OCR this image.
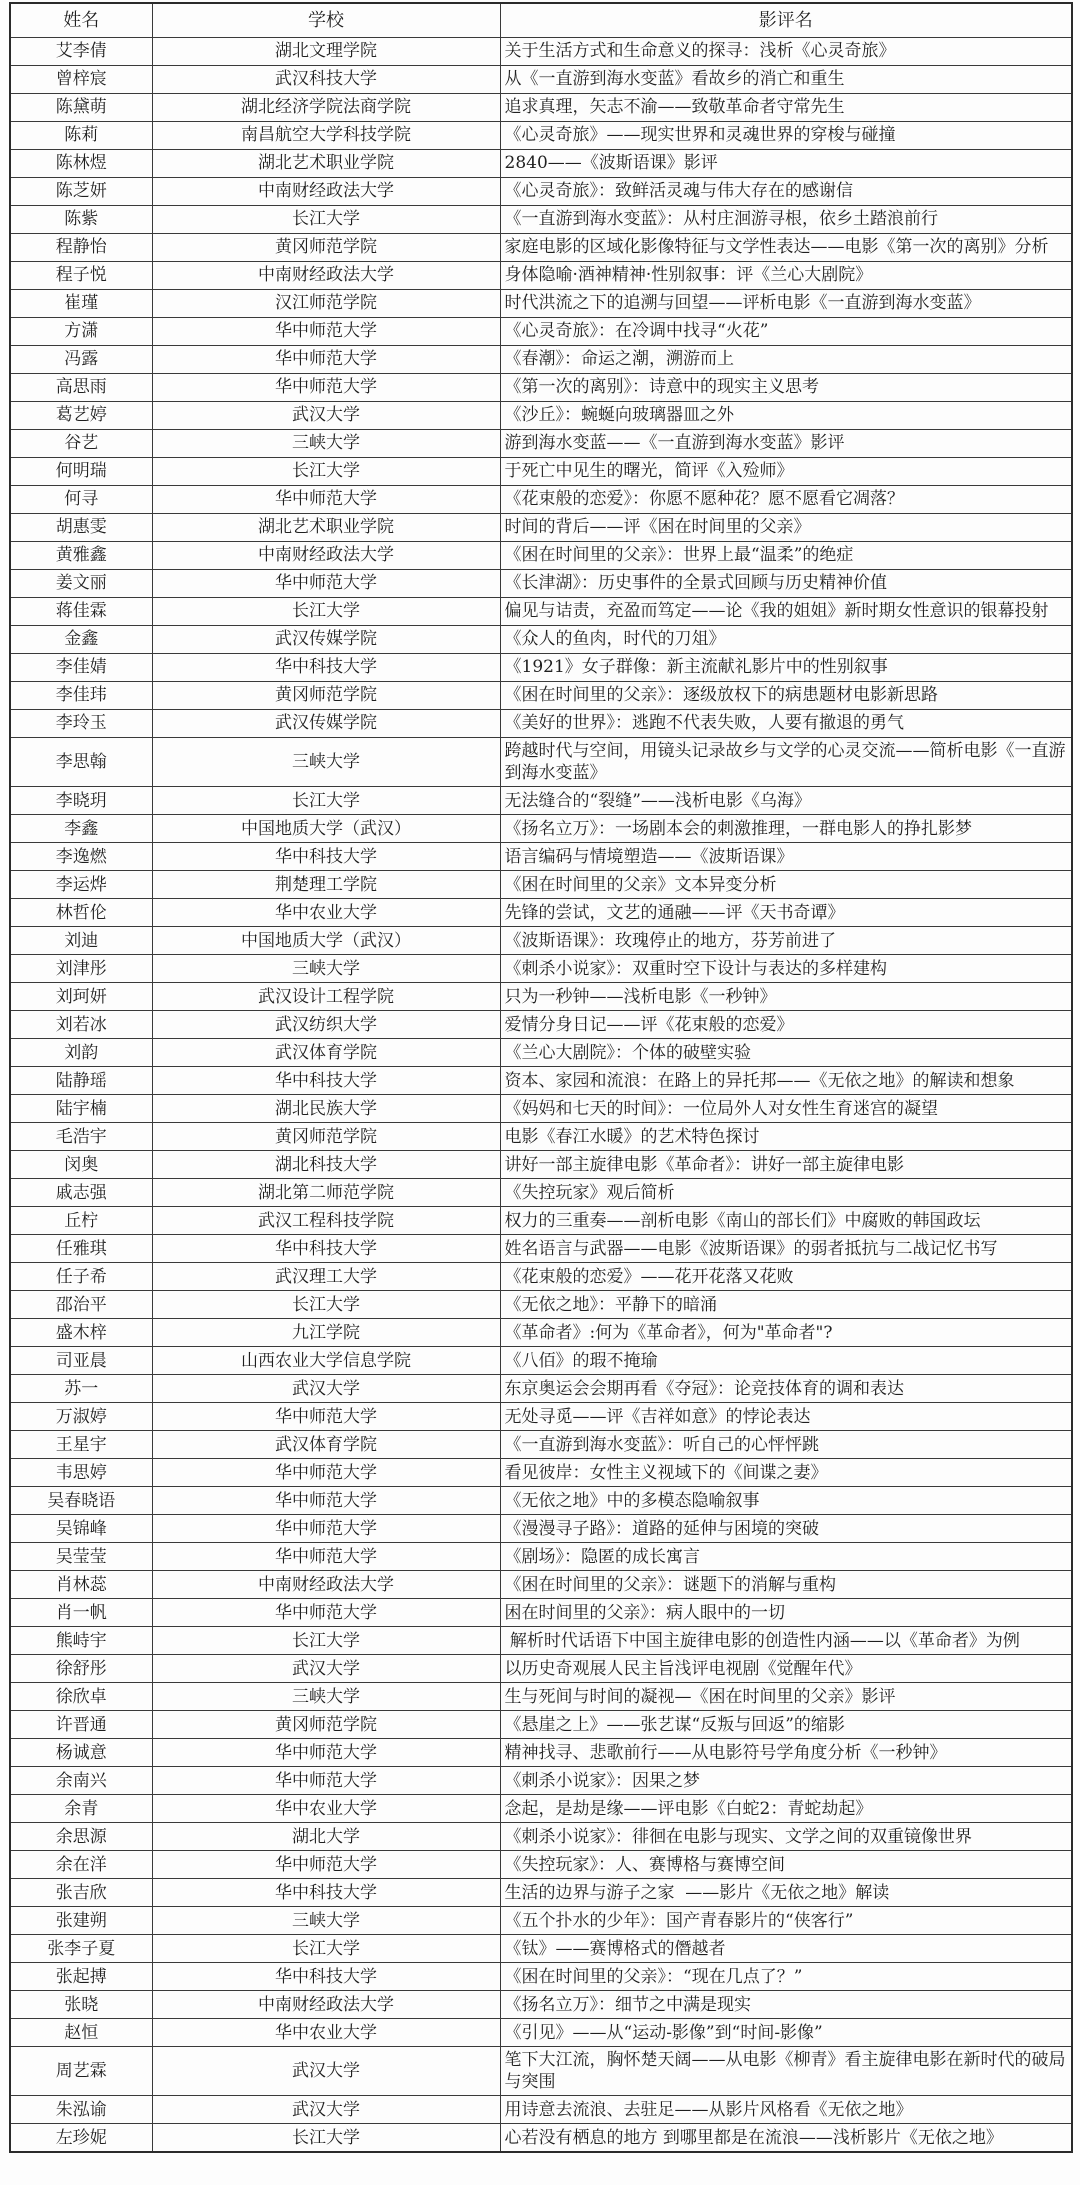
姓名	学校	影评名
艾李倩	湖北文理学院	关于生活方式和生命意义的探寻：浅析《心灵奇旅》
曾梓宸	武汉科技大学	从《一直游到海水变蓝》看故乡的消亡和重生
陈黛萌	湖北经济学院法商学院	追求真理，矢志不渝——致敬革命者守常先生
陈莉	南昌航空大学科技学院	《心灵奇旅》——现实世界和灵魂世界的穿梭与碰撞
陈林煜	湖北艺术职业学院	2840——《波斯语课》影评
陈芝妍	中南财经政法大学	《心灵奇旅》：致鲜活灵魂与伟大存在的感谢信
陈紫	长江大学	《一直游到海水变蓝》：从村庄洄游寻根，依乡土踏浪前行
程静怡	黄冈师范学院	家庭电影的区域化影像特征与文学性表达——电影《第一次的离别》分析
程子悦	中南财经政法大学	身体隐喻·酒神精神·性别叙事：评《兰心大剧院》
崔瑾	汉江师范学院	时代洪流之下的追溯与回望——评析电影《一直游到海水变蓝》
方潇	华中师范大学	《心灵奇旅》：在冷调中找寻“火花”
冯露	华中师范大学	《春潮》：命运之潮，溯游而上
高思雨	华中师范大学	《第一次的离别》：诗意中的现实主义思考
葛艺婷	武汉大学	《沙丘》：蜿蜒向玻璃器皿之外
谷艺	三峡大学	游到海水变蓝——《一直游到海水变蓝》影评
何明瑞	长江大学	于死亡中见生的曙光，简评《入殓师》
何寻	华中师范大学	《花束般的恋爱》：你愿不愿种花？愿不愿看它凋落？
胡惠雯	湖北艺术职业学院	时间的背后——评《困在时间里的父亲》
黄雅鑫	中南财经政法大学	《困在时间里的父亲》：世界上最“温柔”的绝症
姜文丽	华中师范大学	《长津湖》：历史事件的全景式回顾与历史精神价值
蒋佳霖	长江大学	偏见与诘责，充盈而笃定——论《我的姐姐》新时期女性意识的银幕投射
金鑫	武汉传媒学院	《众人的鱼肉，时代的刀俎》
李佳婧	华中科技大学	《1921》女子群像：新主流献礼影片中的性别叙事
李佳玮	黄冈师范学院	《困在时间里的父亲》：逐级放权下的病患题材电影新思路
李玲玉	武汉传媒学院	《美好的世界》：逃跑不代表失败，人要有撤退的勇气
李思翰	三峡大学	跨越时代与空间，用镜头记录故乡与文学的心灵交流——简析电影《一直游到海水变蓝》
李晓玥	长江大学	无法缝合的“裂缝”——浅析电影《乌海》
李鑫	中国地质大学（武汉）	《扬名立万》：一场剧本会的刺激推理，一群电影人的挣扎影梦
李逸燃	华中科技大学	语言编码与情境塑造——《波斯语课》
李运烨	荆楚理工学院	《困在时间里的父亲》文本异变分析
林哲伦	华中农业大学	先锋的尝试，文艺的通融——评《天书奇谭》
刘迪	中国地质大学（武汉）	《波斯语课》：玫瑰停止的地方，芬芳前进了
刘津彤	三峡大学	《刺杀小说家》：双重时空下设计与表达的多样建构
刘珂妍	武汉设计工程学院	只为一秒钟——浅析电影《一秒钟》
刘若冰	武汉纺织大学	爱情分身日记——评《花束般的恋爱》
刘韵	武汉体育学院	《兰心大剧院》：个体的破壁实验
陆静瑶	华中科技大学	资本、家园和流浪：在路上的异托邦——《无依之地》的解读和想象
陆宇楠	湖北民族大学	《妈妈和七天的时间》：一位局外人对女性生育迷宫的凝望
毛浩宇	黄冈师范学院	电影《春江水暖》的艺术特色探讨
闵奥	湖北科技大学	讲好一部主旋律电影《革命者》：讲好一部主旋律电影
戚志强	湖北第二师范学院	《失控玩家》观后简析
丘柠	武汉工程科技学院	权力的三重奏——剖析电影《南山的部长们》中腐败的韩国政坛
任雅琪	华中科技大学	姓名语言与武器——电影《波斯语课》的弱者抵抗与二战记忆书写
任子希	武汉理工大学	《花束般的恋爱》——花开花落又花败
邵治平	长江大学	《无依之地》：平静下的暗涌
盛木梓	九江学院	《革命者》:何为《革命者》，何为"革命者"?
司亚晨	山西农业大学信息学院	《八佰》的瑕不掩瑜
苏一	武汉大学	东京奥运会会期再看《夺冠》：论竞技体育的调和表达
万淑婷	华中师范大学	无处寻觅——评《吉祥如意》的悖论表达
王星宇	武汉体育学院	《一直游到海水变蓝》：听自己的心怦怦跳
韦思婷	华中师范大学	看见彼岸：女性主义视域下的《间谍之妻》
吴春晓语	华中师范大学	《无依之地》中的多模态隐喻叙事
吴锦峰	华中师范大学	《漫漫寻子路》：道路的延伸与困境的突破
吴莹莹	华中师范大学	《剧场》：隐匿的成长寓言
肖林蕊	中南财经政法大学	《困在时间里的父亲》：谜题下的消解与重构
肖一帆	华中师范大学	困在时间里的父亲》：病人眼中的一切
熊峙宇	长江大学	解析时代话语下中国主旋律电影的创造性内涵——以《革命者》为例
徐舒彤	武汉大学	以历史奇观展人民主旨浅评电视剧《觉醒年代》
徐欣卓	三峡大学	生与死间与时间的凝视—《困在时间里的父亲》影评
许晋通	黄冈师范学院	《悬崖之上》——张艺谋“反叛与回返”的缩影
杨诚意	华中师范大学	精神找寻、悲歌前行——从电影符号学角度分析《一秒钟》
余南兴	华中师范大学	《刺杀小说家》：因果之梦
余青	华中农业大学	念起，是劫是缘——评电影《白蛇2：青蛇劫起》
余思源	湖北大学	《刺杀小说家》：徘徊在电影与现实、文学之间的双重镜像世界
余在洋	华中师范大学	《失控玩家》：人、赛博格与赛博空间
张吉欣	华中科技大学	生活的边界与游子之家  ——影片《无依之地》解读
张建朔	三峡大学	《五个扑水的少年》：国产青春影片的“侠客行”
张李子夏	长江大学	《钛》——赛博格式的僭越者
张起搏	华中科技大学	《困在时间里的父亲》：“现在几点了？”
张晓	中南财经政法大学	《扬名立万》：细节之中满是现实
赵恒	华中农业大学	《引见》——从“运动-影像”到“时间-影像”
周艺霖	武汉大学	笔下大江流，胸怀楚天阔——从电影《柳青》看主旋律电影在新时代的破局与突围
朱泓谕	武汉大学	用诗意去流浪、去驻足——从影片风格看《无依之地》
左珍妮	长江大学	心若没有栖息的地方 到哪里都是在流浪——浅析影片《无依之地》
